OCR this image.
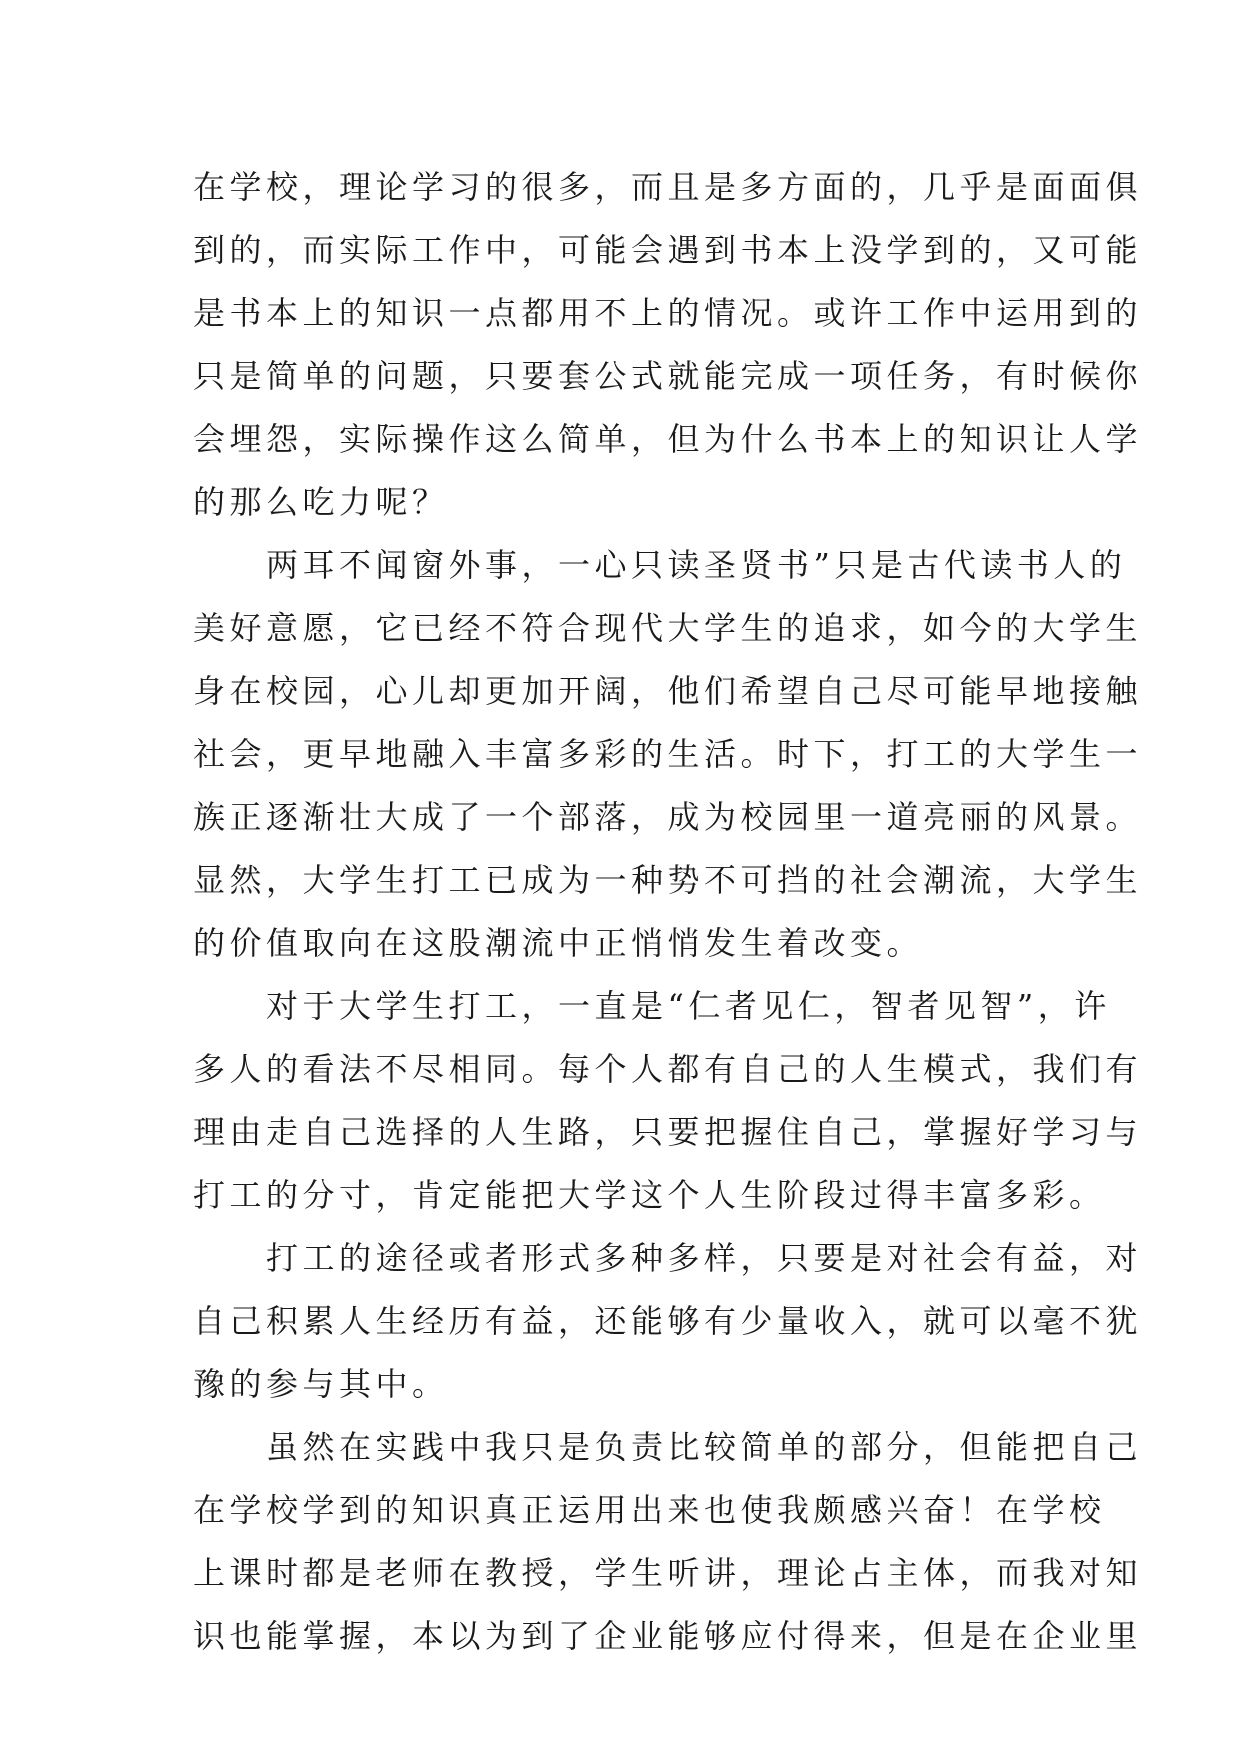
在学校，理论学习的很多，而且是多方面的，几乎是面面俱
到的，而实际工作中，可能会遇到书本上没学到的，又可能
是书本上的知识一点都用不上的情况。或许工作中运用到的
只是简单的问题，只要套公式就能完成一项任务，有时候你
会埋怨，实际操作这么简单，但为什么书本上的知识让人学
的那么吃力呢？
两耳不闻窗外事，一心只读圣贤书”只是古代读书人的
美好意愿，它已经不符合现代大学生的追求，如今的大学生
身在校园，心儿却更加开阔，他们希望自己尽可能早地接触
社会，更早地融入丰富多彩的生活。时下，打工的大学生一
族正逐渐壮大成了一个部落，成为校园里一道亮丽的风景。
显然，大学生打工已成为一种势不可挡的社会潮流，大学生
的价值取向在这股潮流中正悄悄发生着改变。
对于大学生打工，一直是“仁者见仁，智者见智”，许
多人的看法不尽相同。每个人都有自己的人生模式，我们有
理由走自己选择的人生路，只要把握住自己，掌握好学习与
打工的分寸，肯定能把大学这个人生阶段过得丰富多彩。
打工的途径或者形式多种多样，只要是对社会有益，对
自己积累人生经历有益，还能够有少量收入，就可以毫不犹
豫的参与其中。
虽然在实践中我只是负责比较简单的部分，但能把自己
在学校学到的知识真正运用出来也使我颇感兴奋！在学校
上课时都是老师在教授，学生听讲，理论占主体，而我对知
识也能掌握，本以为到了企业能够应付得来，但是在企业里
